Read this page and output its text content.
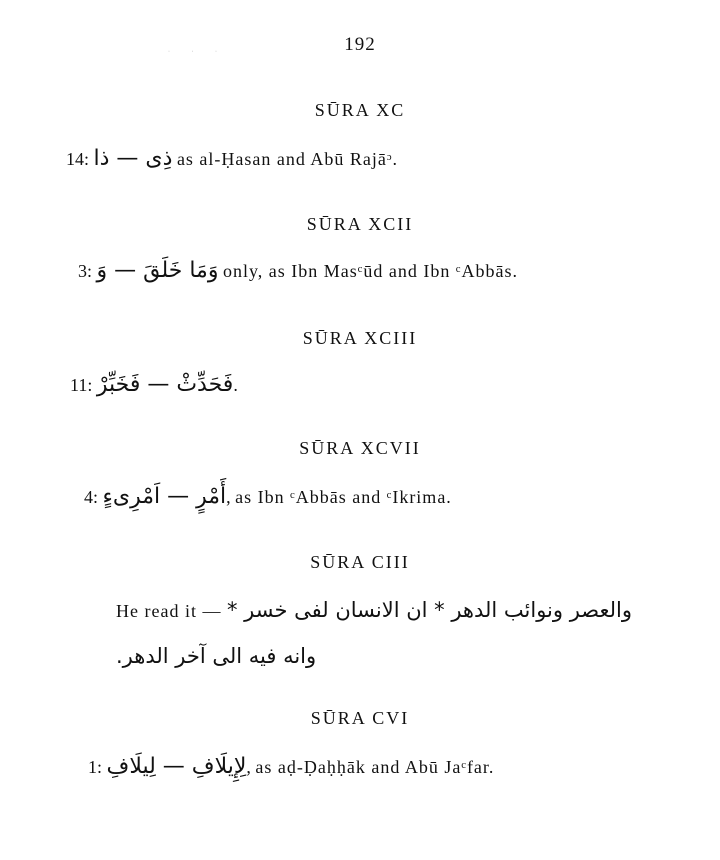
· · ·	192
SŪRA XC
14: ذِى — ذا as al-Ḥasan and Abū Rajāᵓ.
SŪRA XCII
3: وَمَا خَلَقَ — وَ only, as Ibn Masᶜūd and Ibn ᶜAbbās.
SŪRA XCIII
11: فَحَدِّثْ — فَخَبِّرْ.
SŪRA XCVII
4: أَمْرٍ — اَمْرِىءٍ, as Ibn ᶜAbbās and ᶜIkrima.
SŪRA CIII
He read it — والعصر ونوائب الدهر * ان الانسان لفى خسر *
وانه فيه الى آخر الدهر.
SŪRA CVI
1: لِإِيلَافِ — لِيلَافِ, as aḍ-Ḍaḥḥāk and Abū Jaᶜfar.
